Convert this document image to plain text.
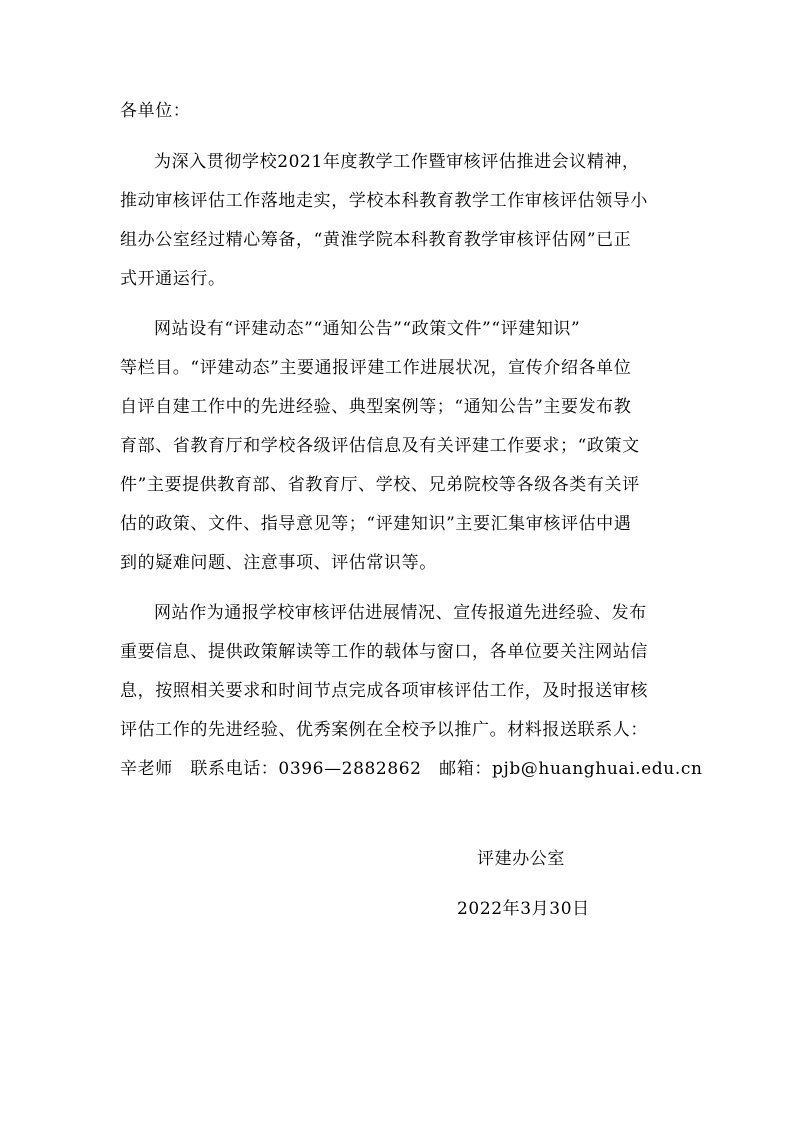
各单位：
为深入贯彻学校2021年度教学工作暨审核评估推进会议精神，
推动审核评估工作落地走实，学校本科教育教学工作审核评估领导小
组办公室经过精心筹备，“黄淮学院本科教育教学审核评估网”已正
式开通运行。
网站设有“评建动态”“通知公告”“政策文件”“评建知识”
等栏目。“评建动态”主要通报评建工作进展状况，宣传介绍各单位
自评自建工作中的先进经验、典型案例等；“通知公告”主要发布教
育部、省教育厅和学校各级评估信息及有关评建工作要求；“政策文
件”主要提供教育部、省教育厅、学校、兄弟院校等各级各类有关评
估的政策、文件、指导意见等；“评建知识”主要汇集审核评估中遇
到的疑难问题、注意事项、评估常识等。
网站作为通报学校审核评估进展情况、宣传报道先进经验、发布
重要信息、提供政策解读等工作的载体与窗口，各单位要关注网站信
息，按照相关要求和时间节点完成各项审核评估工作，及时报送审核
评估工作的先进经验、优秀案例在全校予以推广。材料报送联系人：
辛老师　联系电话：0396—2882862　邮箱：pjb@huanghuai.edu.cn
评建办公室
2022年3月30日
